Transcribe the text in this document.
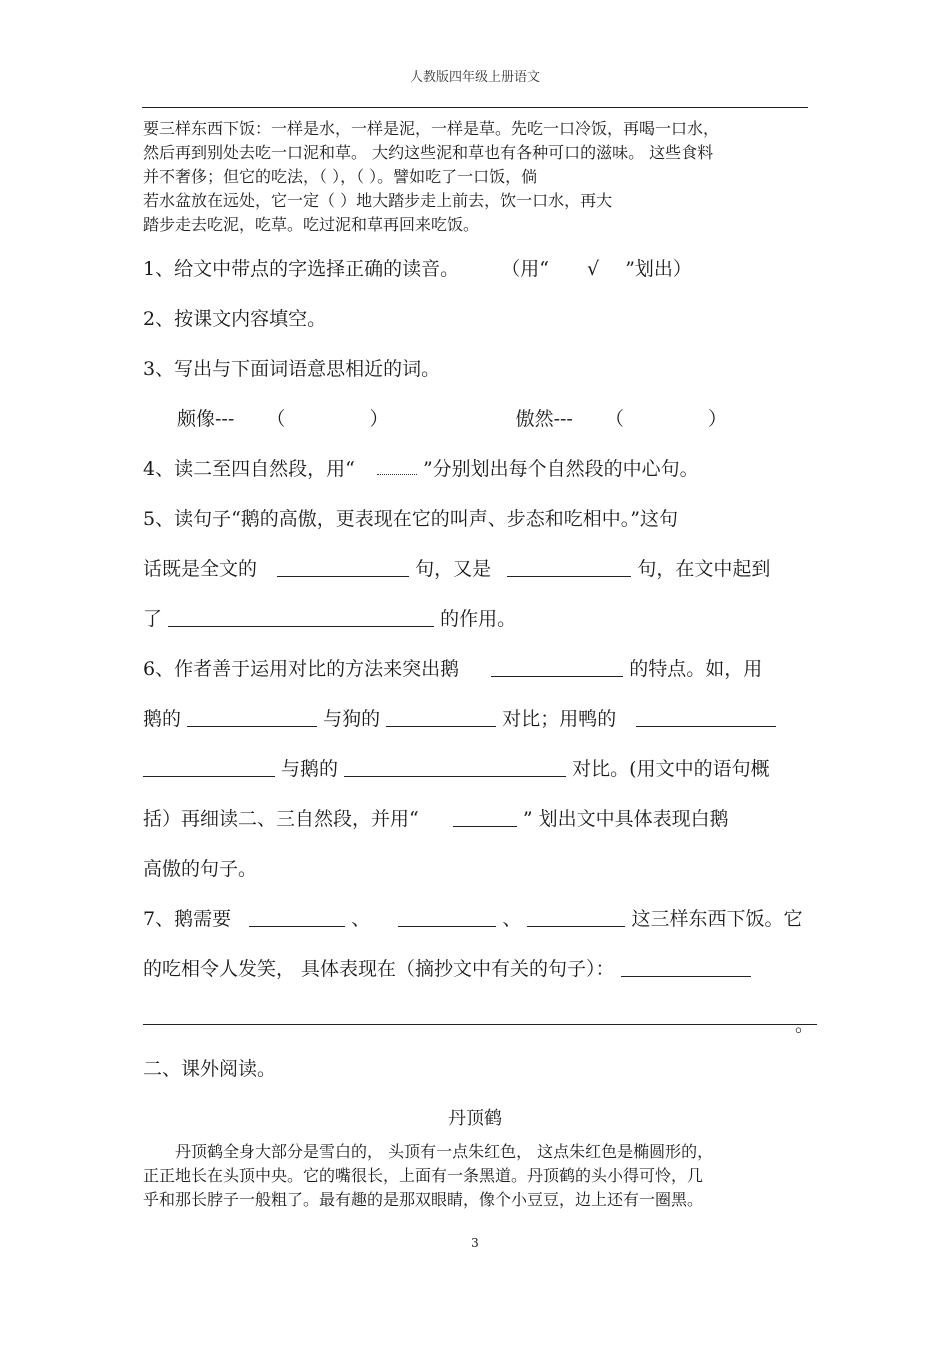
人教版四年级上册语文
要三样东西下饭：一样是水，一样是泥，一样是草。先吃一口冷饭，再喝一口水，
然后再到别处去吃一口泥和草。 大约这些泥和草也有各种可口的滋味。 这些食料
并不奢侈；但它的吃法，（ ），（ ）。譬如吃了一口饭，倘
若水盆放在远处，它一定（ ）地大踏步走上前去，饮一口水，再大
踏步走去吃泥，吃草。吃过泥和草再回来吃饭。
1、给文中带点的字选择正确的读音。 （用“ √ ”划出）
2、按课文内容填空。
3、写出与下面词语意思相近的词。
颇像--- （	）	傲然--- （	）
4、读二至四自然段，用“	”分别划出每个自然段的中心句。
5、读句子“鹅的高傲，更表现在它的叫声、步态和吃相中。”这句
话既是全文的	句，又是	句，在文中起到
了	的作用。
6、作者善于运用对比的方法来突出鹅	的特点。如，用
鹅的	与狗的	对比；用鸭的
与鹅的	对比。(用文中的语句概
括）再细读二、三自然段，并用“	” 划出文中具体表现白鹅
高傲的句子。
7、鹅需要	、	、	这三样东西下饭。它
的吃相令人发笑， 具体表现在（摘抄文中有关的句子）：
。
二、课外阅读。
丹顶鹤
丹顶鹤全身大部分是雪白的， 头顶有一点朱红色， 这点朱红色是椭圆形的，
正正地长在头顶中央。它的嘴很长，上面有一条黑道。丹顶鹤的头小得可怜，几
乎和那长脖子一般粗了。最有趣的是那双眼睛，像个小豆豆，边上还有一圈黑。
3
